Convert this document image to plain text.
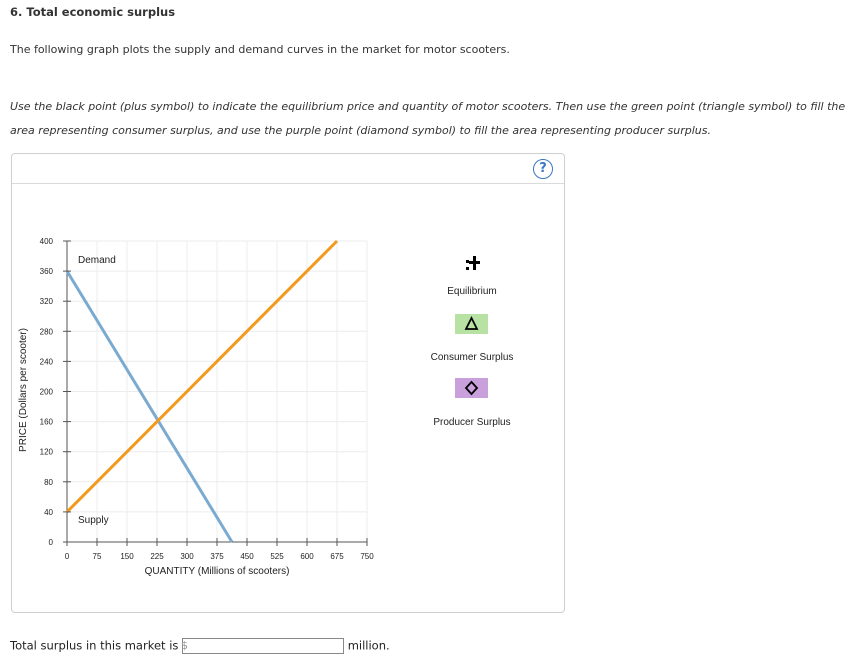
6. Total economic surplus
The following graph plots the supply and demand curves in the market for motor scooters.
Use the black point (plus symbol) to indicate the equilibrium price and quantity of motor scooters. Then use the green point (triangle symbol) to fill the area representing consumer surplus, and use the purple point (diamond symbol) to fill the area representing producer surplus.
?
0	75 150 225 300 375 450 525 600 675 750
0
40
80
120
160
200
240
280
320
360
400
QUANTITY (Millions of scooters)
PRICE (Dollars per scooter)
Demand
Supply
Equilibrium
Consumer Surplus
Producer Surplus
Total surplus in this market is	million.
$
